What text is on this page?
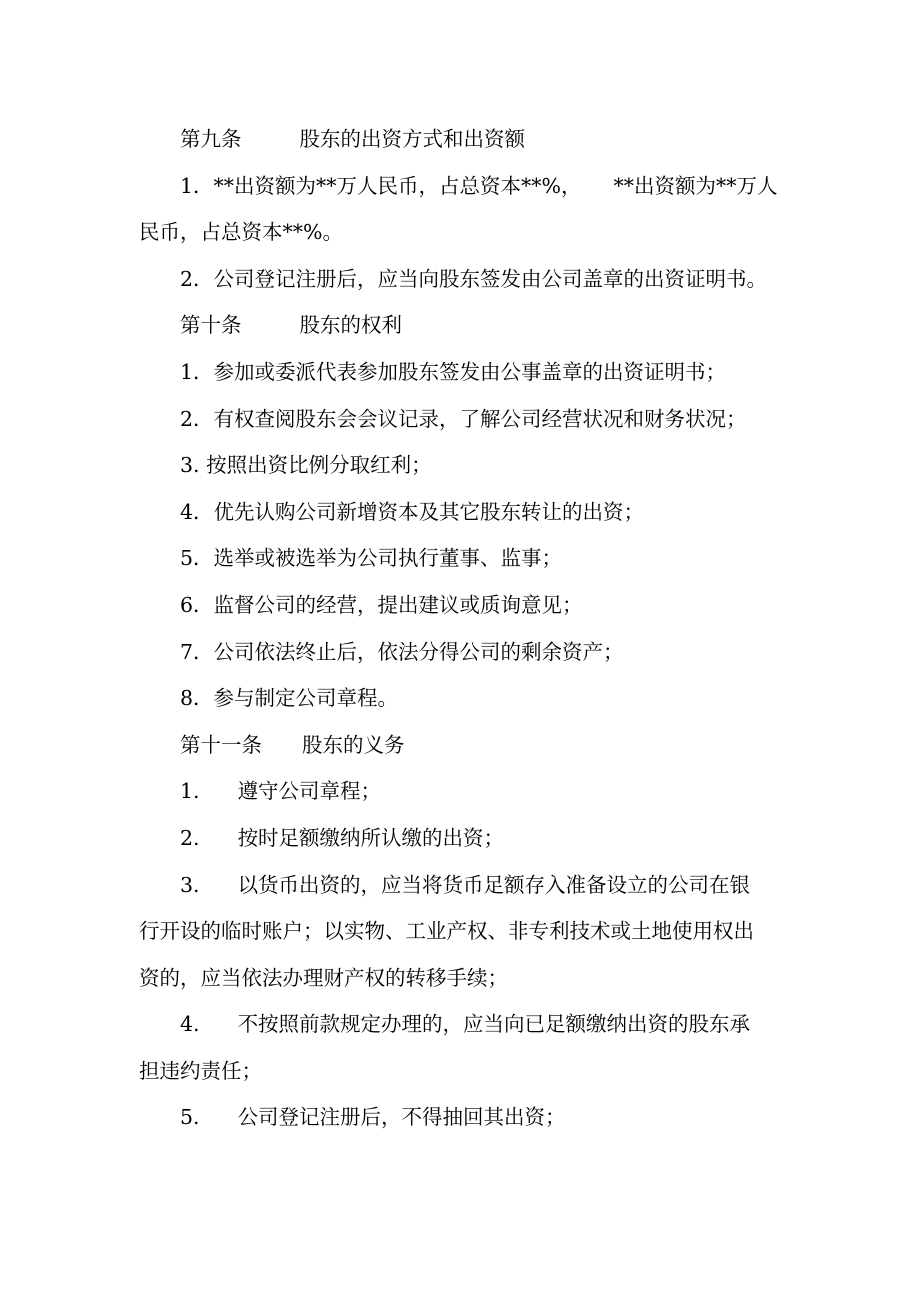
第九条	股东的出资方式和出资额
1．**出资额为**万人民币，占总资本**%， **出资额为**万人
民币，占总资本**%。
2．公司登记注册后，应当向股东签发由公司盖章的出资证明书。
第十条	股东的权利
1．参加或委派代表参加股东签发由公事盖章的出资证明书；
2．有权查阅股东会会议记录，了解公司经营状况和财务状况；
3. 按照出资比例分取红利；
4．优先认购公司新增资本及其它股东转让的出资；
5．选举或被选举为公司执行董事、监事；
6．监督公司的经营，提出建议或质询意见；
7．公司依法终止后，依法分得公司的剩余资产；
8．参与制定公司章程。
第十一条 股东的义务
1. 遵守公司章程；
2. 按时足额缴纳所认缴的出资；
3. 以货币出资的，应当将货币足额存入准备设立的公司在银
行开设的临时账户；以实物、工业产权、非专利技术或土地使用权出
资的，应当依法办理财产权的转移手续；
4. 不按照前款规定办理的，应当向已足额缴纳出资的股东承
担违约责任；
5. 公司登记注册后，不得抽回其出资；
